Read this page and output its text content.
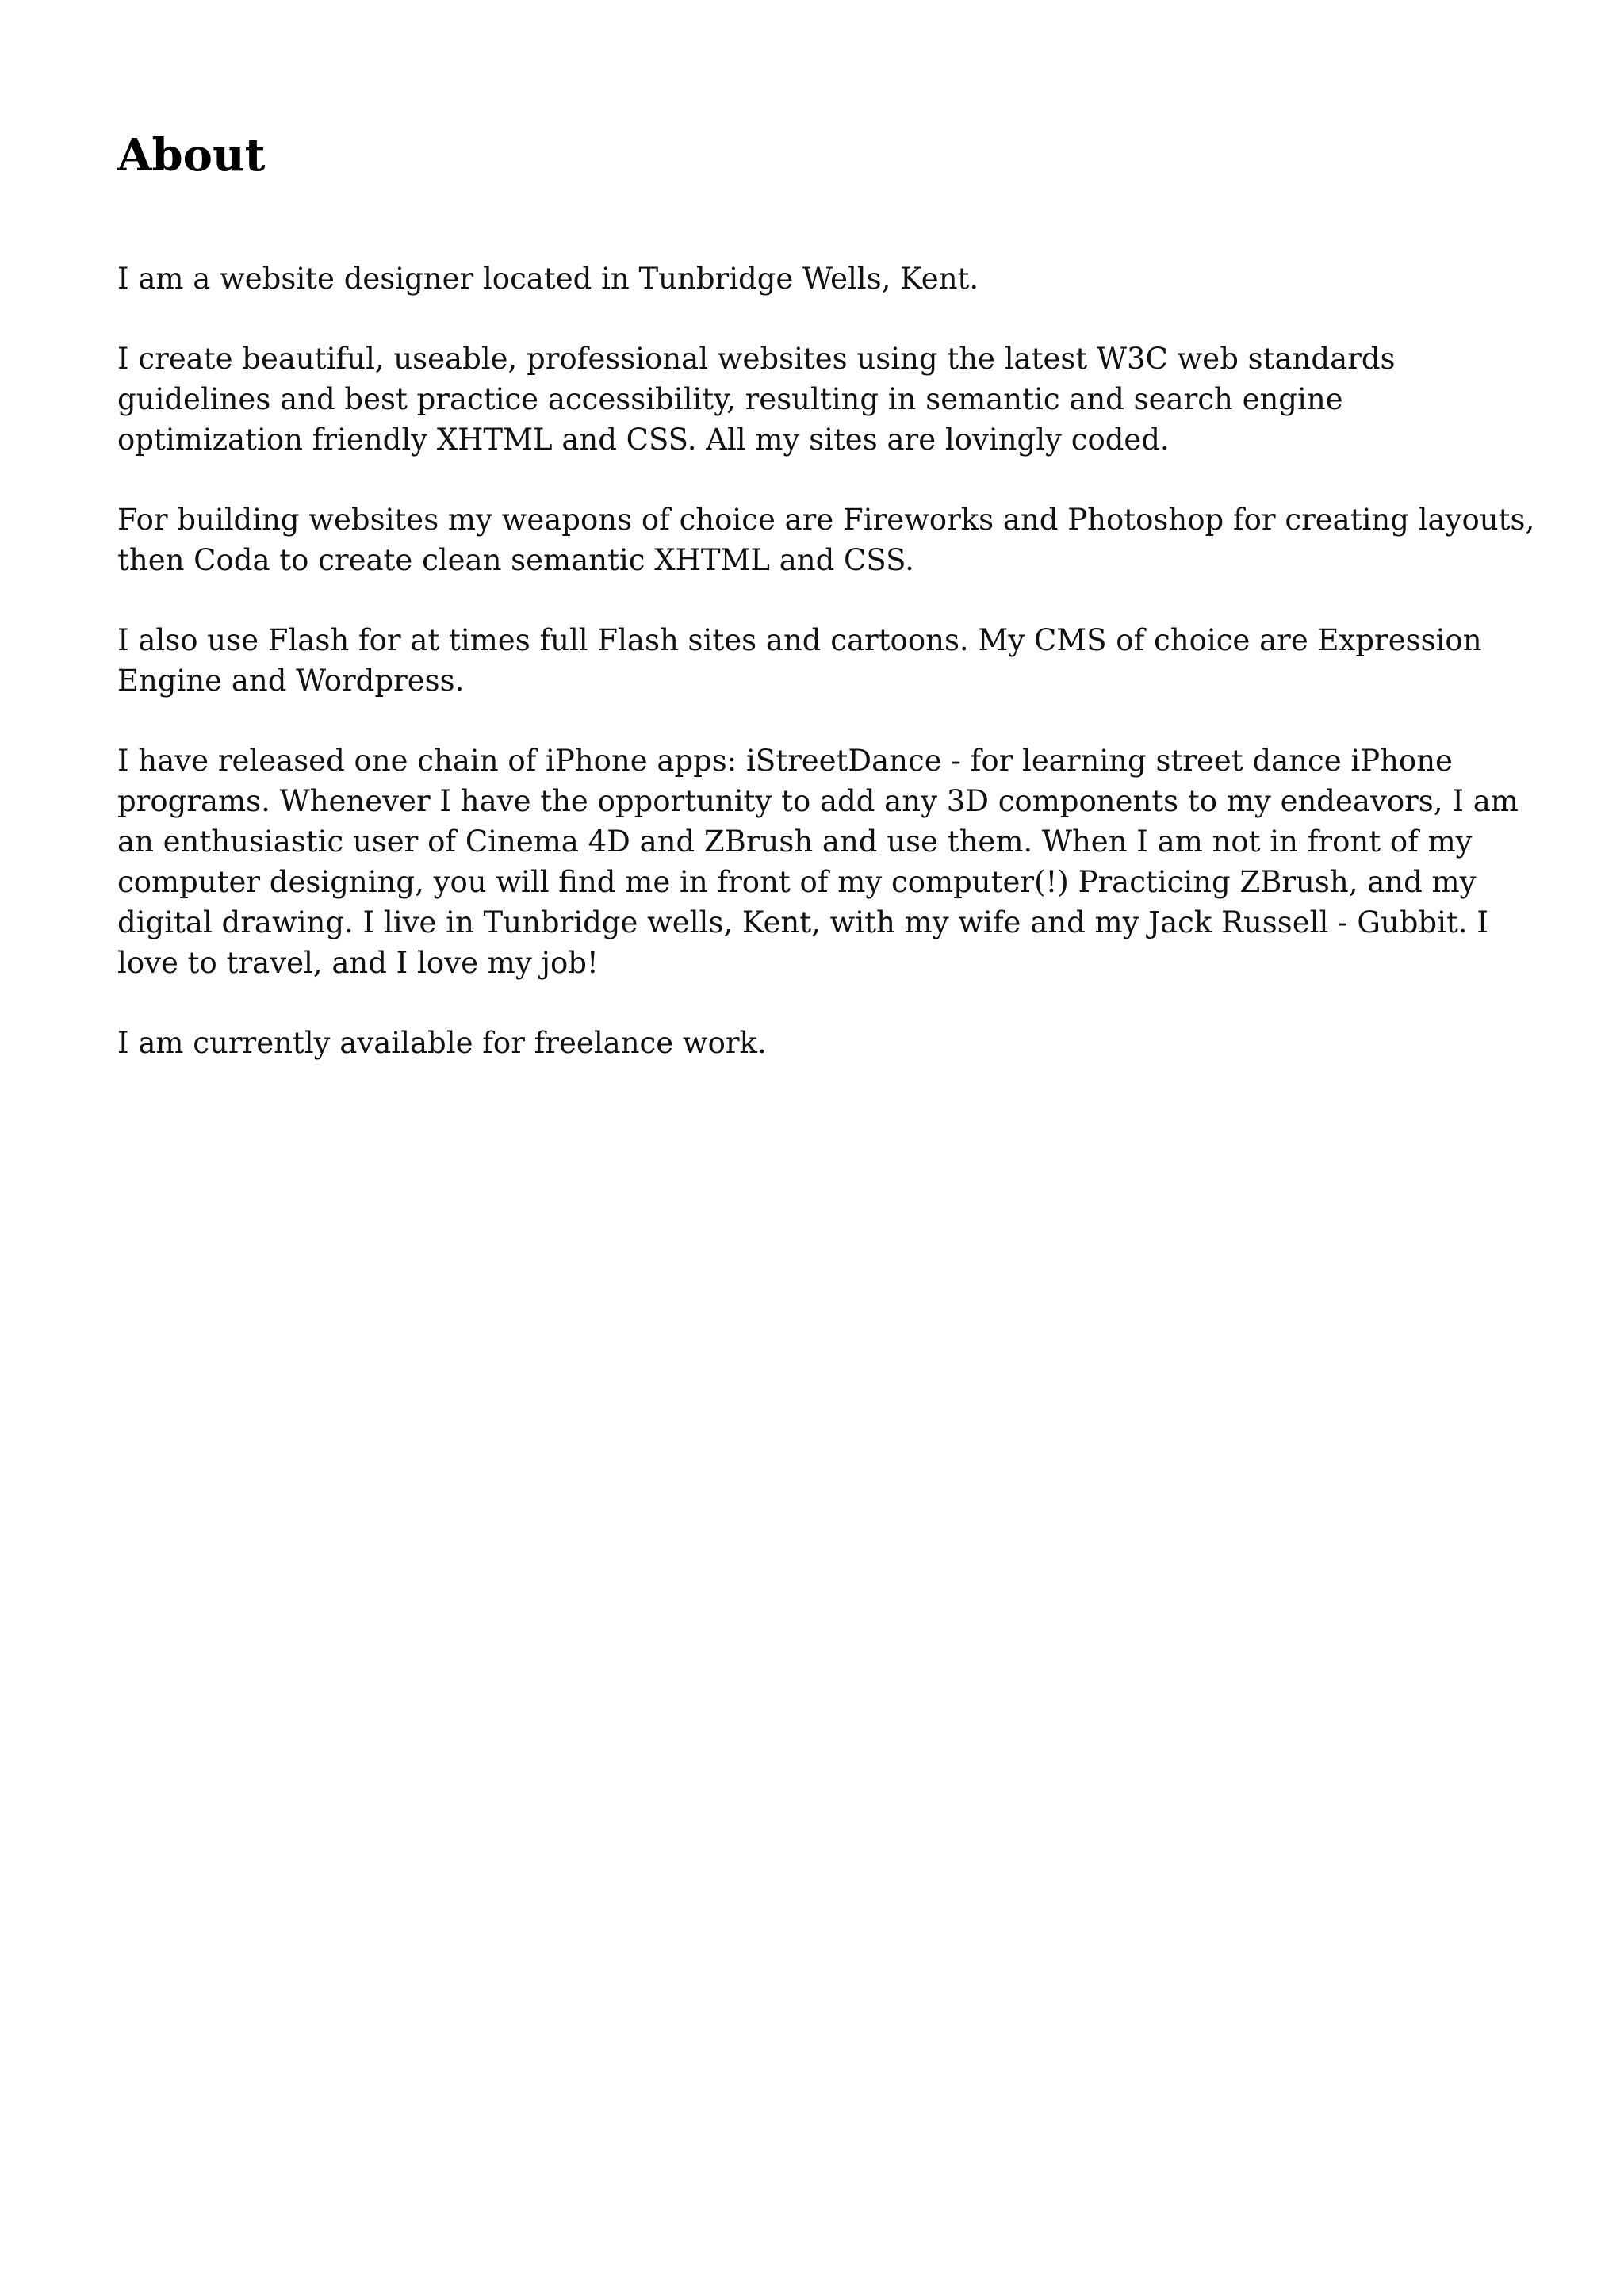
About

I am a website designer located in Tunbridge Wells, Kent.

I create beautiful, useable, professional websites using the latest W3C web standards guidelines and best practice accessibility, resulting in semantic and search engine optimization friendly XHTML and CSS. All my sites are lovingly coded.

For building websites my weapons of choice are Fireworks and Photoshop for creating layouts, then Coda to create clean semantic XHTML and CSS.

I also use Flash for at times full Flash sites and cartoons. My CMS of choice are Expression Engine and Wordpress.

I have released one chain of iPhone apps: iStreetDance - for learning street dance iPhone programs. Whenever I have the opportunity to add any 3D components to my endeavors, I am an enthusiastic user of Cinema 4D and ZBrush and use them. When I am not in front of my computer designing, you will find me in front of my computer(!) Practicing ZBrush, and my digital drawing. I live in Tunbridge wells, Kent, with my wife and my Jack Russell - Gubbit. I love to travel, and I love my job!

I am currently available for freelance work.
